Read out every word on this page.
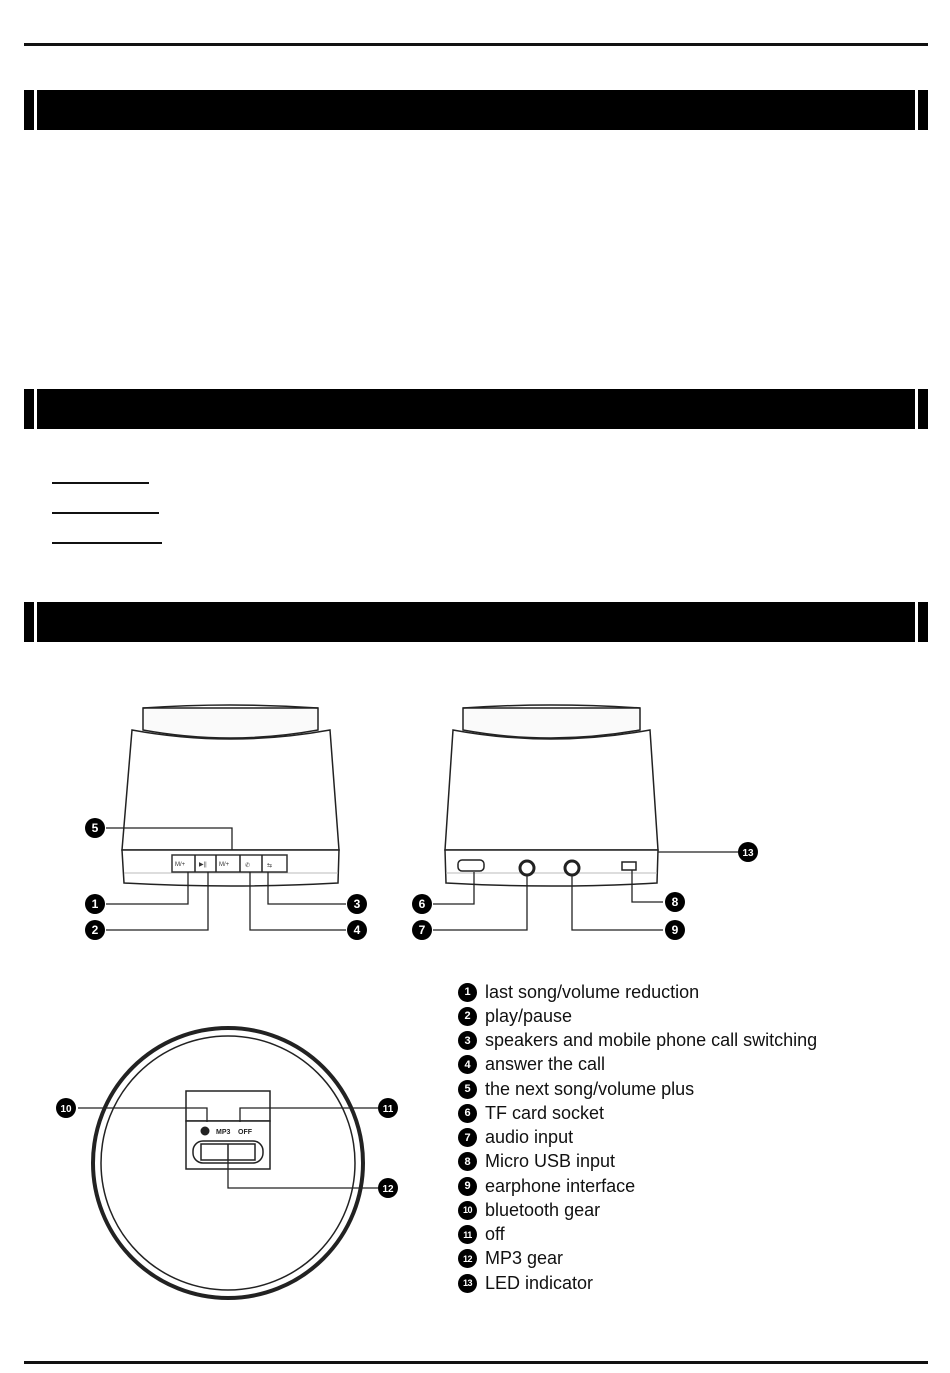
M/+ ▶|| M/+	✆	⇆
MP3 OFF
5
1
2
3
4
6
7
8
9
13
10	11
12
1 last song/volume reduction
2 play/pause
3 speakers and mobile phone call switching
4 answer the call
5 the next song/volume plus
6 TF card socket
7 audio input
8 Micro USB input
9 earphone interface
10 bluetooth gear
11 off
12 MP3 gear
13 LED indicator
